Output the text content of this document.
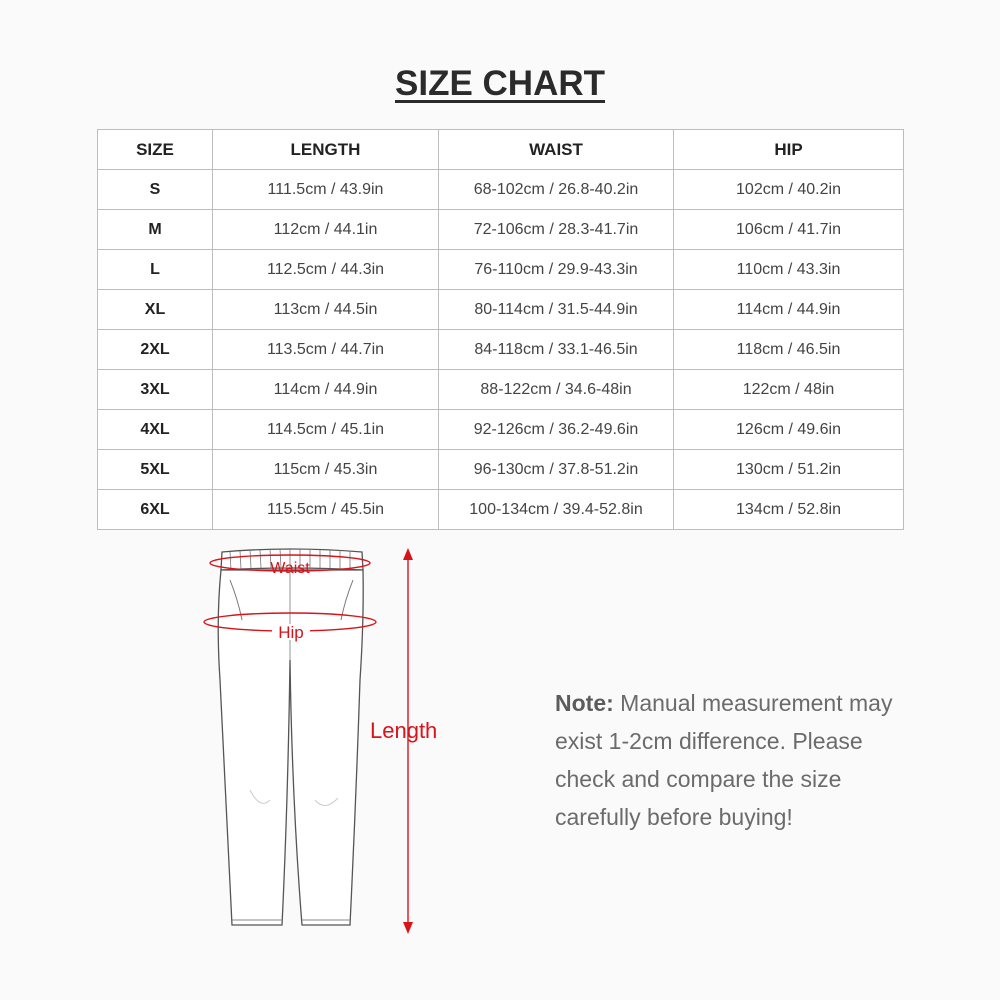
SIZE CHART
SIZE	LENGTH	WAIST	HIP
S	111.5cm / 43.9in	68-102cm / 26.8-40.2in	102cm / 40.2in
M	112cm / 44.1in	72-106cm / 28.3-41.7in	106cm / 41.7in
L	112.5cm / 44.3in	76-110cm / 29.9-43.3in	110cm / 43.3in
XL	113cm / 44.5in	80-114cm / 31.5-44.9in	114cm / 44.9in
2XL	113.5cm / 44.7in	84-118cm / 33.1-46.5in	118cm / 46.5in
3XL	114cm / 44.9in	88-122cm / 34.6-48in	122cm / 48in
4XL	114.5cm / 45.1in	92-126cm / 36.2-49.6in	126cm / 49.6in
5XL	115cm / 45.3in	96-130cm / 37.8-51.2in	130cm / 51.2in
6XL	115.5cm / 45.5in	100-134cm / 39.4-52.8in	134cm / 52.8in
Waist
Hip
Length
Note: Manual measurement may exist 1-2cm difference. Please check and compare the size carefully before buying!
